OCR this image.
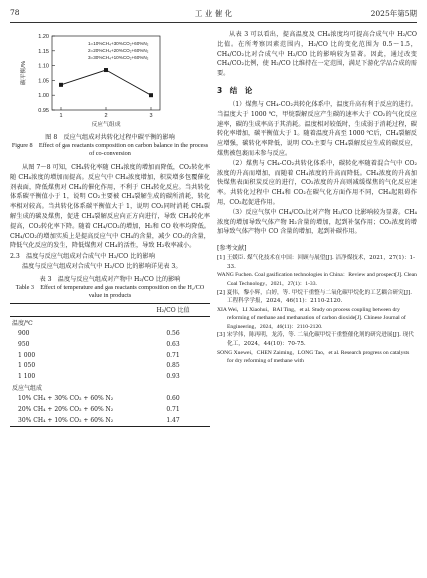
78	工 业 催 化	2025年第5期
0.95
1.00
1.05
1.10
1.15
1.20
1	2	3
反应气组成
碳平衡/%
1=10%CH₄+30%CO₂+60%N₂
2=20%CH₄+20%CO₂+60%N₂
3=30%CH₄+10%CO₂+60%N₂

图 8　反应气组成对共转化过程中碳平衡的影响

Figure 8　Effect of gas reactants composition on carbon balance in the process of co-conversion

从图 7～8 可知，CH₄转化率随 CH₄浓度的增加而降低，CO₂转化率随 CH₄浓度的增加而提高。反应气中 CH₄浓度增加，积炭增多包覆催化剂表面，降低煤焦对 CH₄的催化作用，不利于 CH₄转化反应。当共转化体系碳平衡值小于 1，说明 CO₂主要被 CH₄裂解生成的碳所消耗，转化率相对较高。当共转化体系碳平衡值大于 1，说明 CO₂同时消耗 CH₄裂解生成的碳及煤焦，促进 CH₄裂解反应向正方向进行，导致 CH₄转化率提高，CO₂转化率下降。随着 CH₄/CO₂的增加，H₂和 CO 收率均降低。CH₄/CO₂的增加实质上是提高反应气中 CH₄的含量，减少 CO₂的含量，降低气化反应的发生，降低煤焦对 CH₄的活性，导致 H₂收率减小。

2.3　温度与反应气组成对合成气中 H₂/CO 比的影响

温度与反应气组成对合成气中 H₂/CO 比的影响详见表 3。

表 3　温度与反应气组成对产物中 H₂/CO 比的影响

Table 3　Effect of temperature and gas reactants composition on the H₂/CO value in products

	H₂/CO 比值
温度/℃	
900	0.56
950	0.63
1 000	0.71
1 050	0.85
1 100	0.93
反应气组成	
10% CH₄ + 30% CO₂ + 60% N₂	0.60
20% CH₄ + 20% CO₂ + 60% N₂	0.71
30% CH₄ + 10% CO₂ + 60% N₂	1.47

从表 3 可以看出，提高温度及 CH₄浓度均可提高合成气中 H₂/CO 比值。在所考察因素范围内，H₂/CO 比的变化范围为 0.5～1.5，CH₄/CO₂比对合成气中 H₂/CO 比的影响较为显著。因此，通过改变 CH₄/CO₂比例，使 H₂/CO 比维持在一定范围，满足下游化学品合成的需要。

3　结　论

（1）煤焦与 CH₄-CO₂共转化体系中，温度升高有利于反应的进行。当温度大于 1000 ℃，甲烷裂解反应产生碳的速率大于 CO₂的气化反应速率，碳的生成率高于其消耗。温度相对较低时，生成弱于消耗过程，碳转化率增加，碳平衡值大于 1。随着温度升高至 1000 ℃后，CH₄裂解反应增强，碳转化率降低，说明 CO₂主要与 CH₄裂解反应生成的碳反应，煤焦被包裹而未参与反应。

（2）煤焦与 CH₄-CO₂共转化体系中，碳转化率随着混合气中 CO₂浓度的升高而增加，而随着 CH₄浓度的升高而降低。CH₄浓度的升高加快煤焦表面积炭反应的进行，CO₂浓度的升高则减缓煤焦的气化反应速率。共转化过程中 CH₄和 CO₂在碳气化方面作用不同，CH₄起阻碍作用，CO₂起促进作用。

（3）反应气氛中 CH₄/CO₂比对产物 H₂/CO 比影响较为显著。CH₄浓度的增加导致气体产物 H₂含量的增加，起到补氢作用；CO₂浓度的增加导致气体产物中 CO 含量的增加，起到补碳作用。

[参考文献]

[1] 王媛臣. 煤气化技术在中国：回顾与展望[J]. 洁净煤技术，2021，27(1)：1-33.

WANG Fuchen. Coal gasification technologies in China：Review and prospect[J]. Clean Coal Technology，2021，27(1)：1-33.

[2] 夏伟，黎小辉，白婷，等. 甲烷干重整与二氧化碳甲烷化的工艺耦合研究[J]. 工程科学学报，2024，46(11)：2110-2120.

XIA Wei，LI Xiaohui，BAI Ting，et al. Study on process coupling between dry reforming of methane and methanation of carbon dioxide[J]. Chinese Journal of Engineering，2024，46(11)：2110-2120.

[3] 宋学伟，陈再明，龙涛，等. 二氧化碳甲烷干重整催化剂的研究进展[J]. 现代化工，2024，44(10)：70-75.

SONG Xuewei，CHEN Zaiming，LONG Tao，et al. Research progress on catalysts for dry reforming of methane with
